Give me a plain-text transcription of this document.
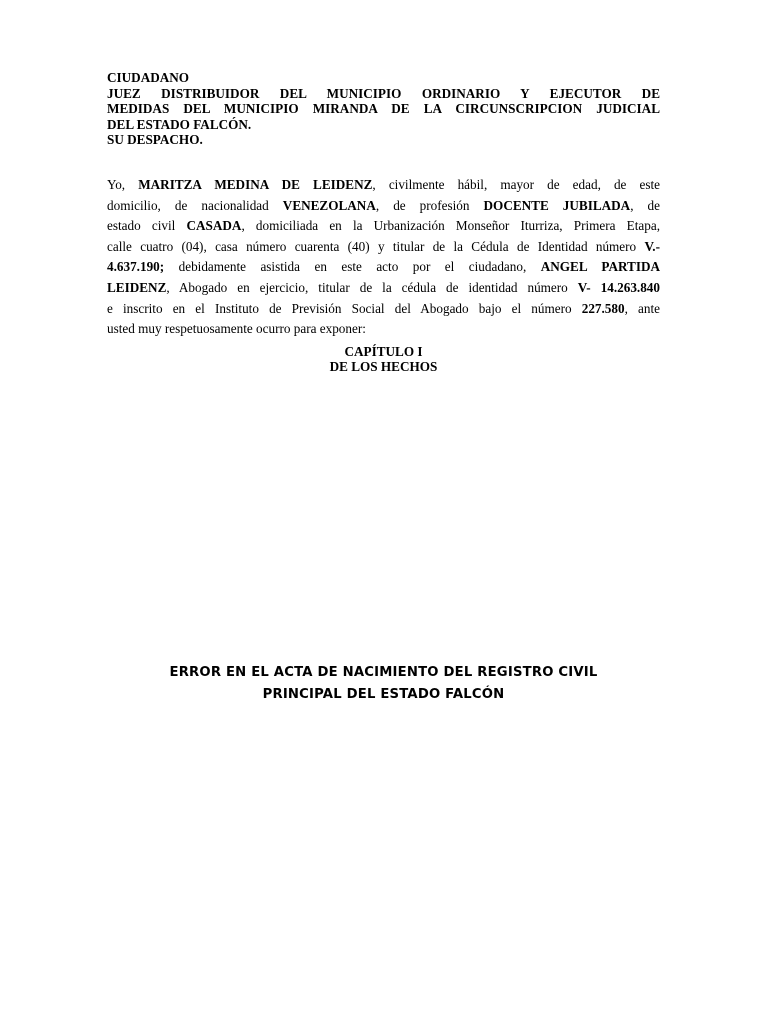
CIUDADANO
JUEZ DISTRIBUIDOR DEL MUNICIPIO ORDINARIO Y EJECUTOR DE
MEDIDAS DEL MUNICIPIO MIRANDA DE LA CIRCUNSCRIPCION JUDICIAL
DEL ESTADO FALCÓN.
SU DESPACHO.
Yo, MARITZA MEDINA DE LEIDENZ, civilmente hábil, mayor de edad, de este
domicilio, de nacionalidad VENEZOLANA, de profesión DOCENTE JUBILADA, de
estado civil CASADA, domiciliada en la Urbanización Monseñor Iturriza, Primera Etapa,
calle cuatro (04), casa número cuarenta (40) y titular de la Cédula de Identidad número V.-
4.637.190; debidamente asistida en este acto por el ciudadano, ANGEL PARTIDA
LEIDENZ, Abogado en ejercicio, titular de la cédula de identidad número V- 14.263.840
e inscrito en el Instituto de Previsión Social del Abogado bajo el número 227.580, ante
usted muy respetuosamente ocurro para exponer:
CAPÍTULO I
DE LOS HECHOS
ERROR EN EL ACTA DE NACIMIENTO DEL REGISTRO CIVIL
PRINCIPAL DEL ESTADO FALCÓN
